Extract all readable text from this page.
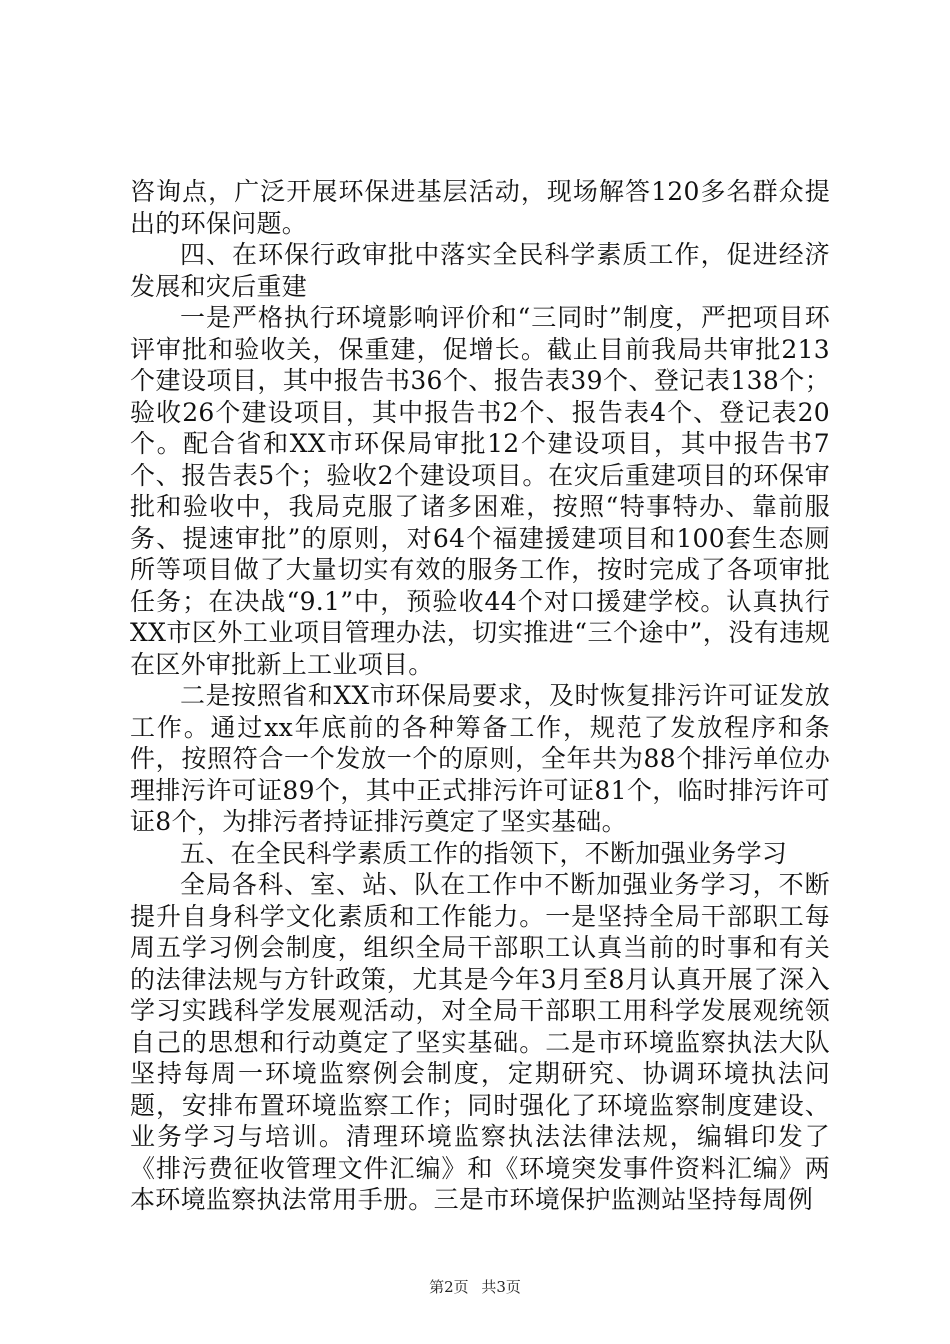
咨询点，广泛开展环保进基层活动，现场解答120多名群众提出的环保问题。

四、在环保行政审批中落实全民科学素质工作，促进经济发展和灾后重建

一是严格执行环境影响评价和“三同时”制度，严把项目环评审批和验收关，保重建，促增长。截止目前我局共审批213个建设项目，其中报告书36个、报告表39个、登记表138个；验收26个建设项目，其中报告书2个、报告表4个、登记表20个。配合省和XX市环保局审批12个建设项目，其中报告书7个、报告表5个；验收2个建设项目。在灾后重建项目的环保审批和验收中，我局克服了诸多困难，按照“特事特办、靠前服务、提速审批”的原则，对64个福建援建项目和100套生态厕所等项目做了大量切实有效的服务工作，按时完成了各项审批任务；在决战“9.1”中，预验收44个对口援建学校。认真执行XX市区外工业项目管理办法，切实推进“三个途中”，没有违规在区外审批新上工业项目。

二是按照省和XX市环保局要求，及时恢复排污许可证发放工作。通过xx年底前的各种筹备工作，规范了发放程序和条件，按照符合一个发放一个的原则，全年共为88个排污单位办理排污许可证89个，其中正式排污许可证81个，临时排污许可证8个，为排污者持证排污奠定了坚实基础。

五、在全民科学素质工作的指领下，不断加强业务学习

全局各科、室、站、队在工作中不断加强业务学习，不断提升自身科学文化素质和工作能力。一是坚持全局干部职工每周五学习例会制度，组织全局干部职工认真当前的时事和有关的法律法规与方针政策，尤其是今年3月至8月认真开展了深入学习实践科学发展观活动，对全局干部职工用科学发展观统领自己的思想和行动奠定了坚实基础。二是市环境监察执法大队坚持每周一环境监察例会制度，定期研究、协调环境执法问题，安排布置环境监察工作；同时强化了环境监察制度建设、业务学习与培训。清理环境监察执法法律法规，编辑印发了《排污费征收管理文件汇编》和《环境突发事件资料汇编》两本环境监察执法常用手册。三是市环境保护监测站坚持每周例

第2页 共3页
